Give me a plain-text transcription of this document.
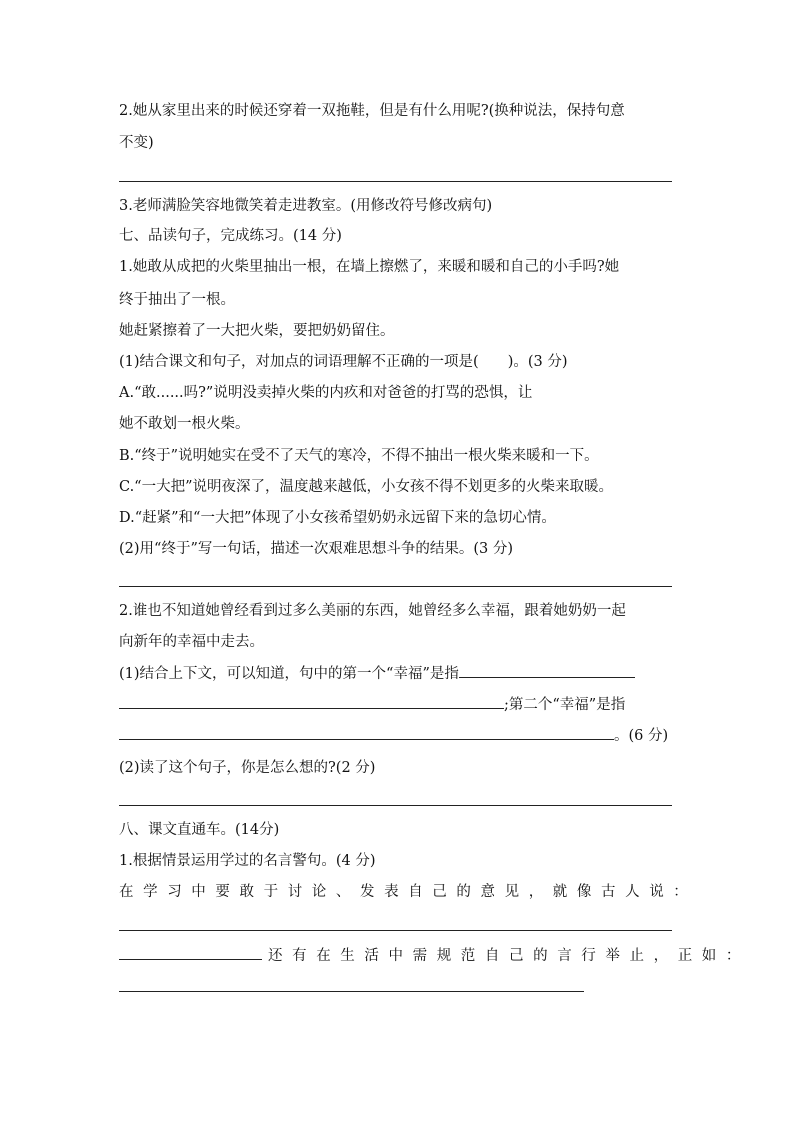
2.她从家里出来的时候还穿着一双拖鞋，但是有什么用呢?(换种说法，保持句意
不变)
3.老师满脸笑容地微笑着走进教室。(用修改符号修改病句)
七、品读句子，完成练习。(14 分)
1.她敢从成把的火柴里抽出一根，在墙上擦燃了，来暖和暖和自己的小手吗?她
终于抽出了一根。
她赶紧擦着了一大把火柴，要把奶奶留住。
(1)结合课文和句子，对加点的词语理解不正确的一项是(　　)。(3 分)
A.“敢......吗?”说明没卖掉火柴的内疚和对爸爸的打骂的恐惧，让
她不敢划一根火柴。
B.“终于”说明她实在受不了天气的寒冷，不得不抽出一根火柴来暖和一下。
C.“一大把”说明夜深了，温度越来越低，小女孩不得不划更多的火柴来取暖。
D.“赶紧”和“一大把”体现了小女孩希望奶奶永远留下来的急切心情。
(2)用“终于”写一句话，描述一次艰难思想斗争的结果。(3 分)
2.谁也不知道她曾经看到过多么美丽的东西，她曾经多么幸福，跟着她奶奶一起
向新年的幸福中走去。
(1)结合上下文，可以知道，句中的第一个“幸福”是指
;第二个“幸福”是指
。(6 分)
(2)读了这个句子，你是怎么想的?(2 分)
八、课文直通车。(14分)
1.根据情景运用学过的名言警句。(4 分)
在学习中要敢于讨论、发表自己的意见，就像古人说：
还有在生活中需规范自己的言行举止，正如：
